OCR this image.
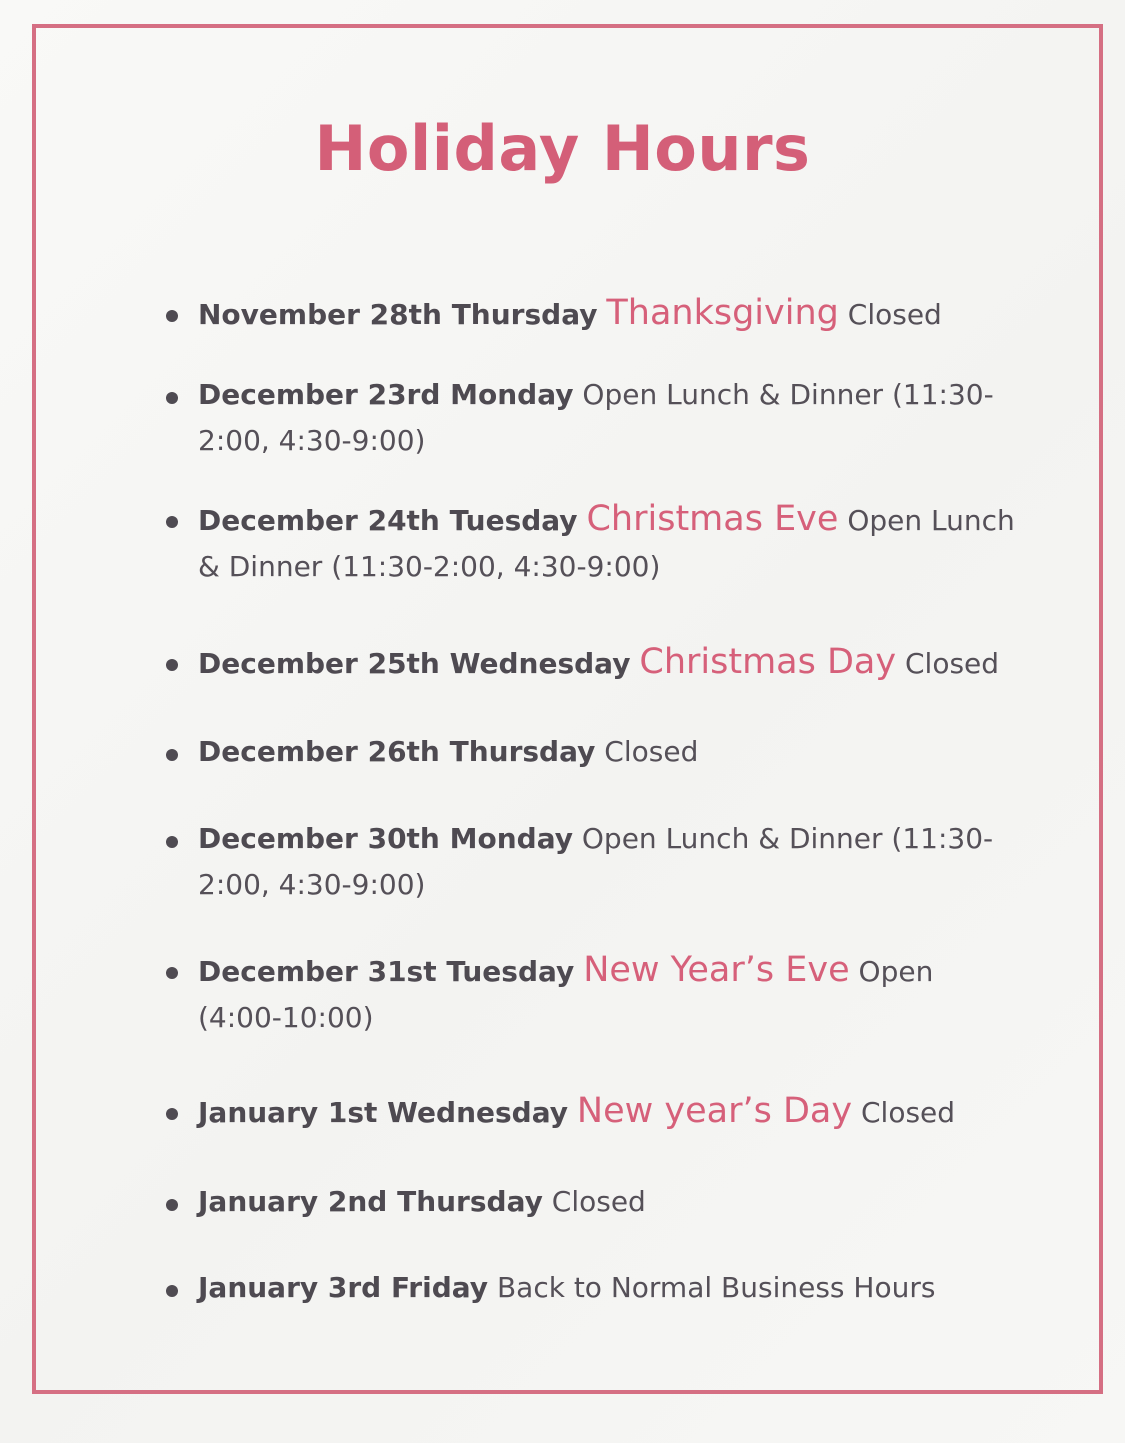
Holiday Hours
November 28th Thursday Thanksgiving Closed
December 23rd Monday Open Lunch & Dinner (11:30-2:00, 4:30-9:00)
December 24th Tuesday Christmas Eve Open Lunch & Dinner (11:30-2:00, 4:30-9:00)
December 25th Wednesday Christmas Day Closed
December 26th Thursday Closed
December 30th Monday Open Lunch & Dinner (11:30-2:00, 4:30-9:00)
December 31st Tuesday New Year’s Eve Open (4:00-10:00)
January 1st Wednesday New year’s Day Closed
January 2nd Thursday Closed
January 3rd Friday Back to Normal Business Hours
